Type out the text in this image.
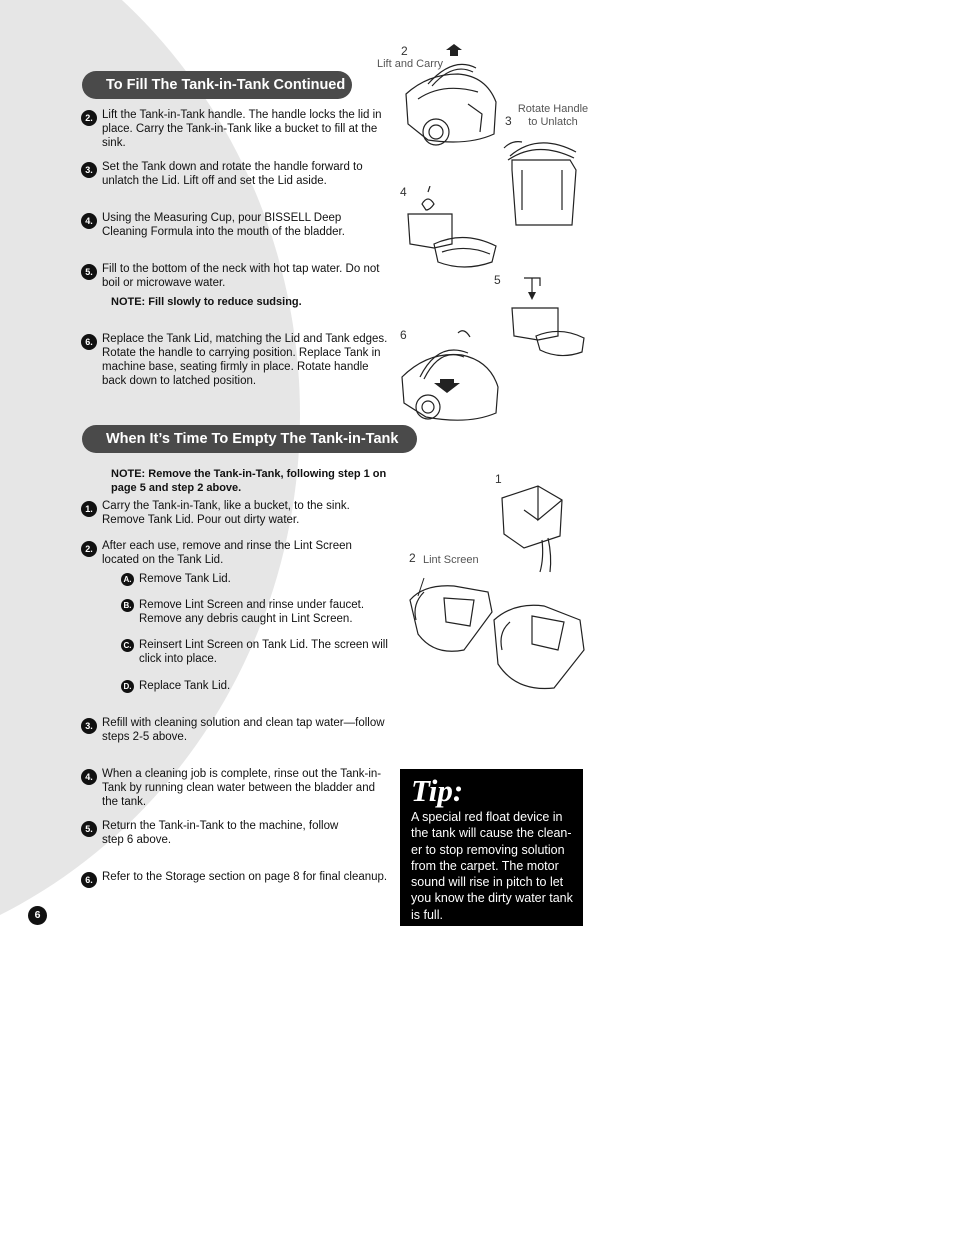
To Fill The Tank-in-Tank Continued
2. Lift the Tank-in-Tank handle. The handle locks the lid in place. Carry the Tank-in-Tank like a bucket to fill at the sink.
3. Set the Tank down and rotate the handle forward to unlatch the Lid. Lift off and set the Lid aside.
4. Using the Measuring Cup, pour BISSELL Deep Cleaning Formula into the mouth of the bladder.
5. Fill to the bottom of the neck with hot tap water. Do not boil or microwave water.
NOTE: Fill slowly to reduce sudsing.
6. Replace the Tank Lid, matching the Lid and Tank edges. Rotate the handle to carrying position. Replace Tank in machine base, seating firmly in place. Rotate handle back down to latched position.
When It’s Time To Empty The Tank-in-Tank
NOTE: Remove the Tank-in-Tank, following step 1 on page 5 and step 2 above.
1. Carry the Tank-in-Tank, like a bucket, to the sink. Remove Tank Lid. Pour out dirty water.
2. After each use, remove and rinse the Lint Screen located on the Tank Lid.
A. Remove Tank Lid.
B. Remove Lint Screen and rinse under faucet. Remove any debris caught in Lint Screen.
C. Reinsert Lint Screen on Tank Lid. The screen will click into place.
D. Replace Tank Lid.
3. Refill with cleaning solution and clean tap water—follow steps 2-5 above.
4. When a cleaning job is complete, rinse out the Tank-in-Tank by running clean water between the bladder and the tank.
5. Return the Tank-in-Tank to the machine, follow step 6 above.
6. Refer to the Storage section on page 8 for final cleanup.
2
Lift and Carry
3
Rotate Handle to Unlatch
4
5
6
1
2 Lint Screen
Tip:
A special red float device in the tank will cause the clean-er to stop removing solution from the carpet. The motor sound will rise in pitch to let you know the dirty water tank is full.
6
